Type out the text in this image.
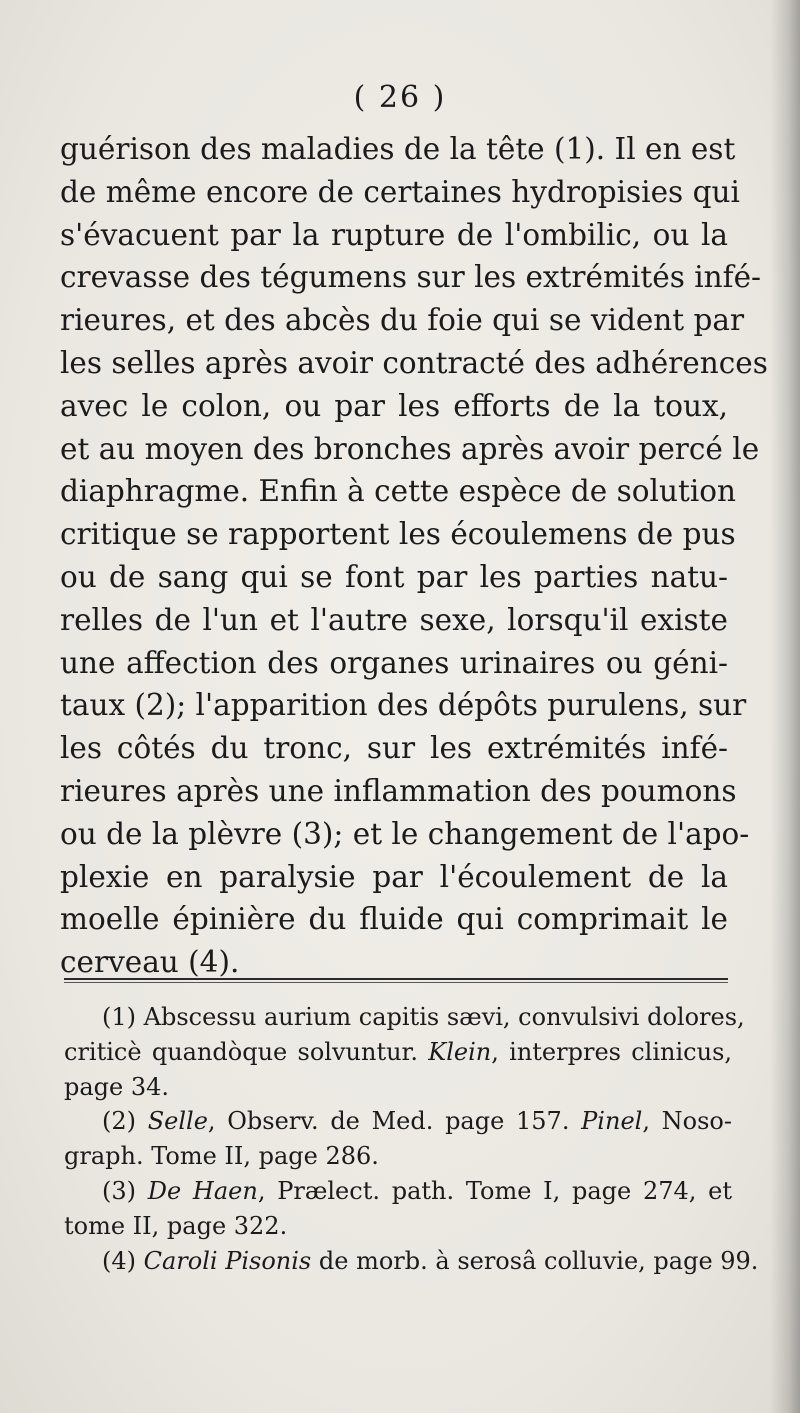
( 26 )
guérison des maladies de la tête (1). Il en est
de même encore de certaines hydropisies qui
s'évacuent par la rupture de l'ombilic, ou la
crevasse des tégumens sur les extrémités infé-
rieures, et des abcès du foie qui se vident par
les selles après avoir contracté des adhérences
avec le colon, ou par les efforts de la toux,
et au moyen des bronches après avoir percé le
diaphragme. Enfin à cette espèce de solution
critique se rapportent les écoulemens de pus
ou de sang qui se font par les parties natu-
relles de l'un et l'autre sexe, lorsqu'il existe
une affection des organes urinaires ou géni-
taux (2); l'apparition des dépôts purulens, sur
les côtés du tronc, sur les extrémités infé-
rieures après une inflammation des poumons
ou de la plèvre (3); et le changement de l'apo-
plexie en paralysie par l'écoulement de la
moelle épinière du fluide qui comprimait le
cerveau (4).
(1) Abscessu aurium capitis sævi, convulsivi dolores,
criticè quandòque solvuntur. Klein, interpres clinicus,
page 34.
(2) Selle, Observ. de Med. page 157. Pinel, Noso-
graph. Tome II, page 286.
(3) De Haen, Prælect. path. Tome I, page 274, et
tome II, page 322.
(4) Caroli Pisonis de morb. à serosâ colluvie, page 99.
